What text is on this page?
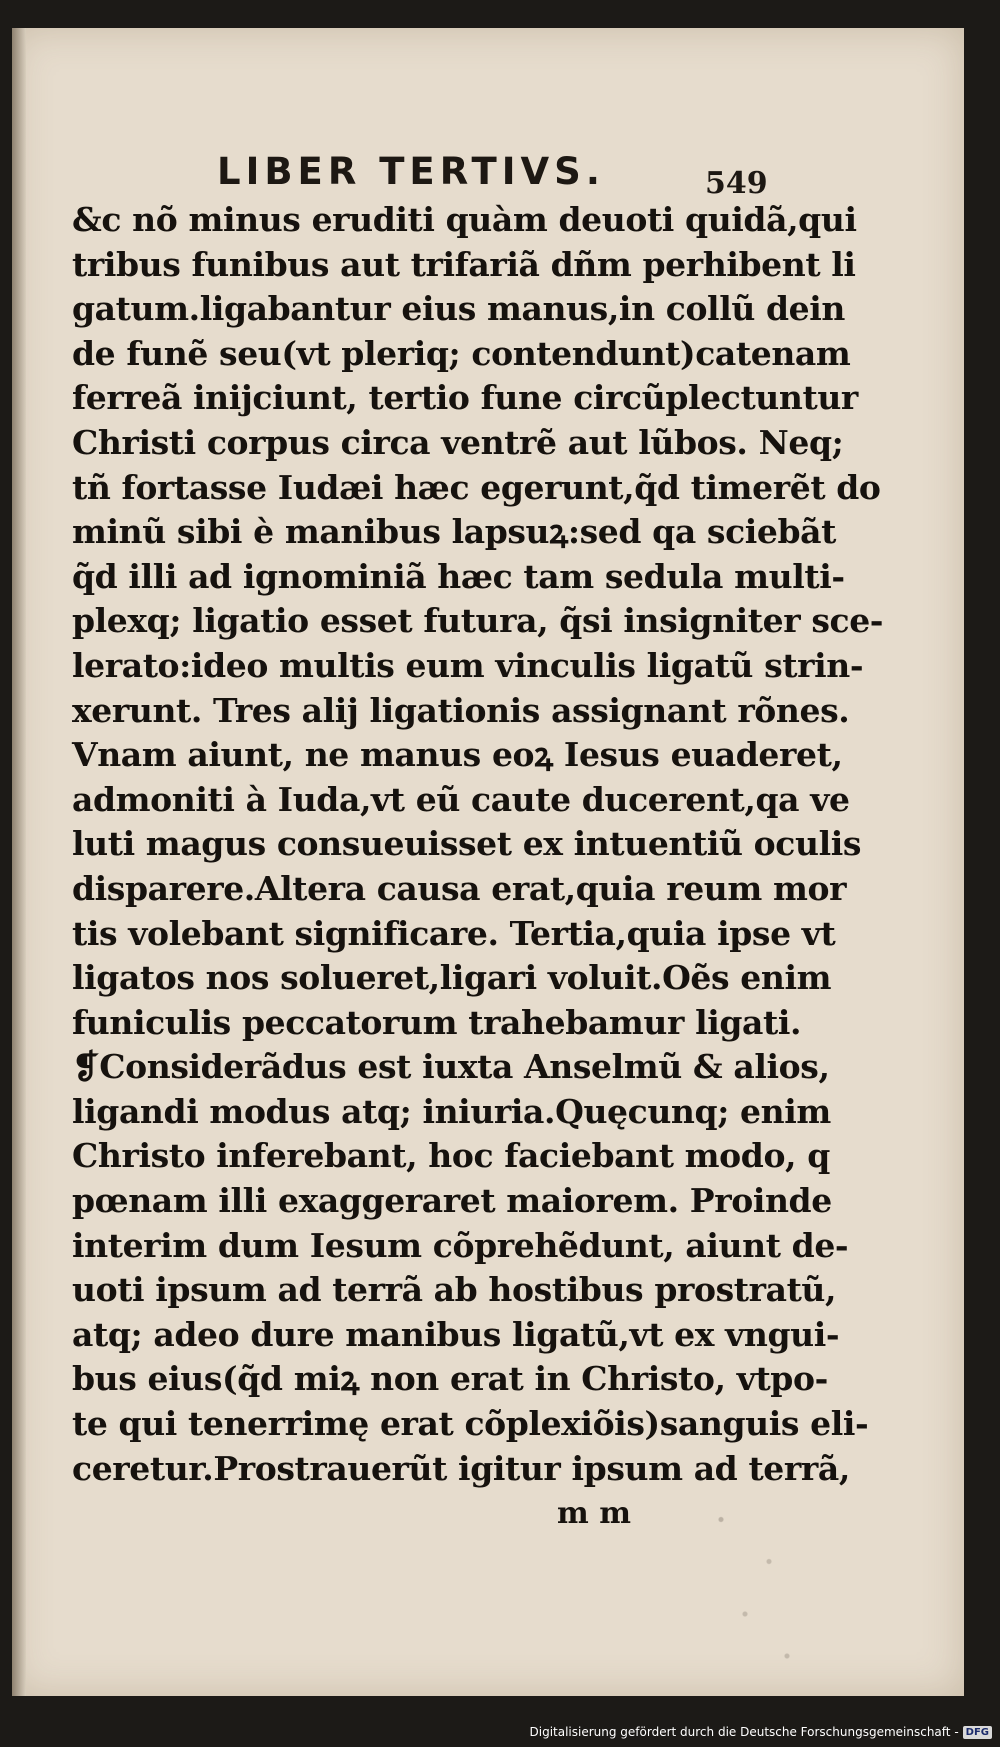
LIBER TERTIVS.	549
&c nõ minus eruditi quàm deuoti quidã,qui
tribus funibus aut trifariã dñm perhibent li
gatum.ligabantur eius manus,in collũ dein
de funẽ seu(vt pleriq; contendunt)catenam
ferreã inijciunt, tertio fune circũplectuntur
Christi corpus circa ventrẽ aut lũbos. Neq;
tñ fortasse Iudæi hæc egerunt,q̃d timerẽt do
minũ sibi è manibus lapsuꝝ:sed qa sciebãt
q̃d illi ad ignominiã hæc tam sedula multi-
plexq; ligatio esset futura, q̃si insigniter sce-
lerato:ideo multis eum vinculis ligatũ strin-
xerunt. Tres alij ligationis assignant rõnes.
Vnam aiunt, ne manus eoꝝ Iesus euaderet,
admoniti à Iuda,vt eũ caute ducerent,qa ve
luti magus consueuisset ex intuentiũ oculis
disparere.Altera causa erat,quia reum mor
tis volebant significare. Tertia,quia ipse vt
ligatos nos solueret,ligari voluit.Oẽs enim
funiculis peccatorum trahebamur ligati.
❡Considerãdus est iuxta Anselmũ & alios,
ligandi modus atq; iniuria.Quęcunq; enim
Christo inferebant, hoc faciebant modo, q
pœnam illi exaggeraret maiorem. Proinde
interim dum Iesum cõprehẽdunt, aiunt de-
uoti ipsum ad terrã ab hostibus prostratũ,
atq; adeo dure manibus ligatũ,vt ex vngui-
bus eius(q̃d miꝝ non erat in Christo, vtpo-
te qui tenerrimę erat cõplexiõis)sanguis eli-
ceretur.Prostrauerũt igitur ipsum ad terrã,
m m
Digitalisierung gefördert durch die Deutsche Forschungsgemeinschaft - DFG
